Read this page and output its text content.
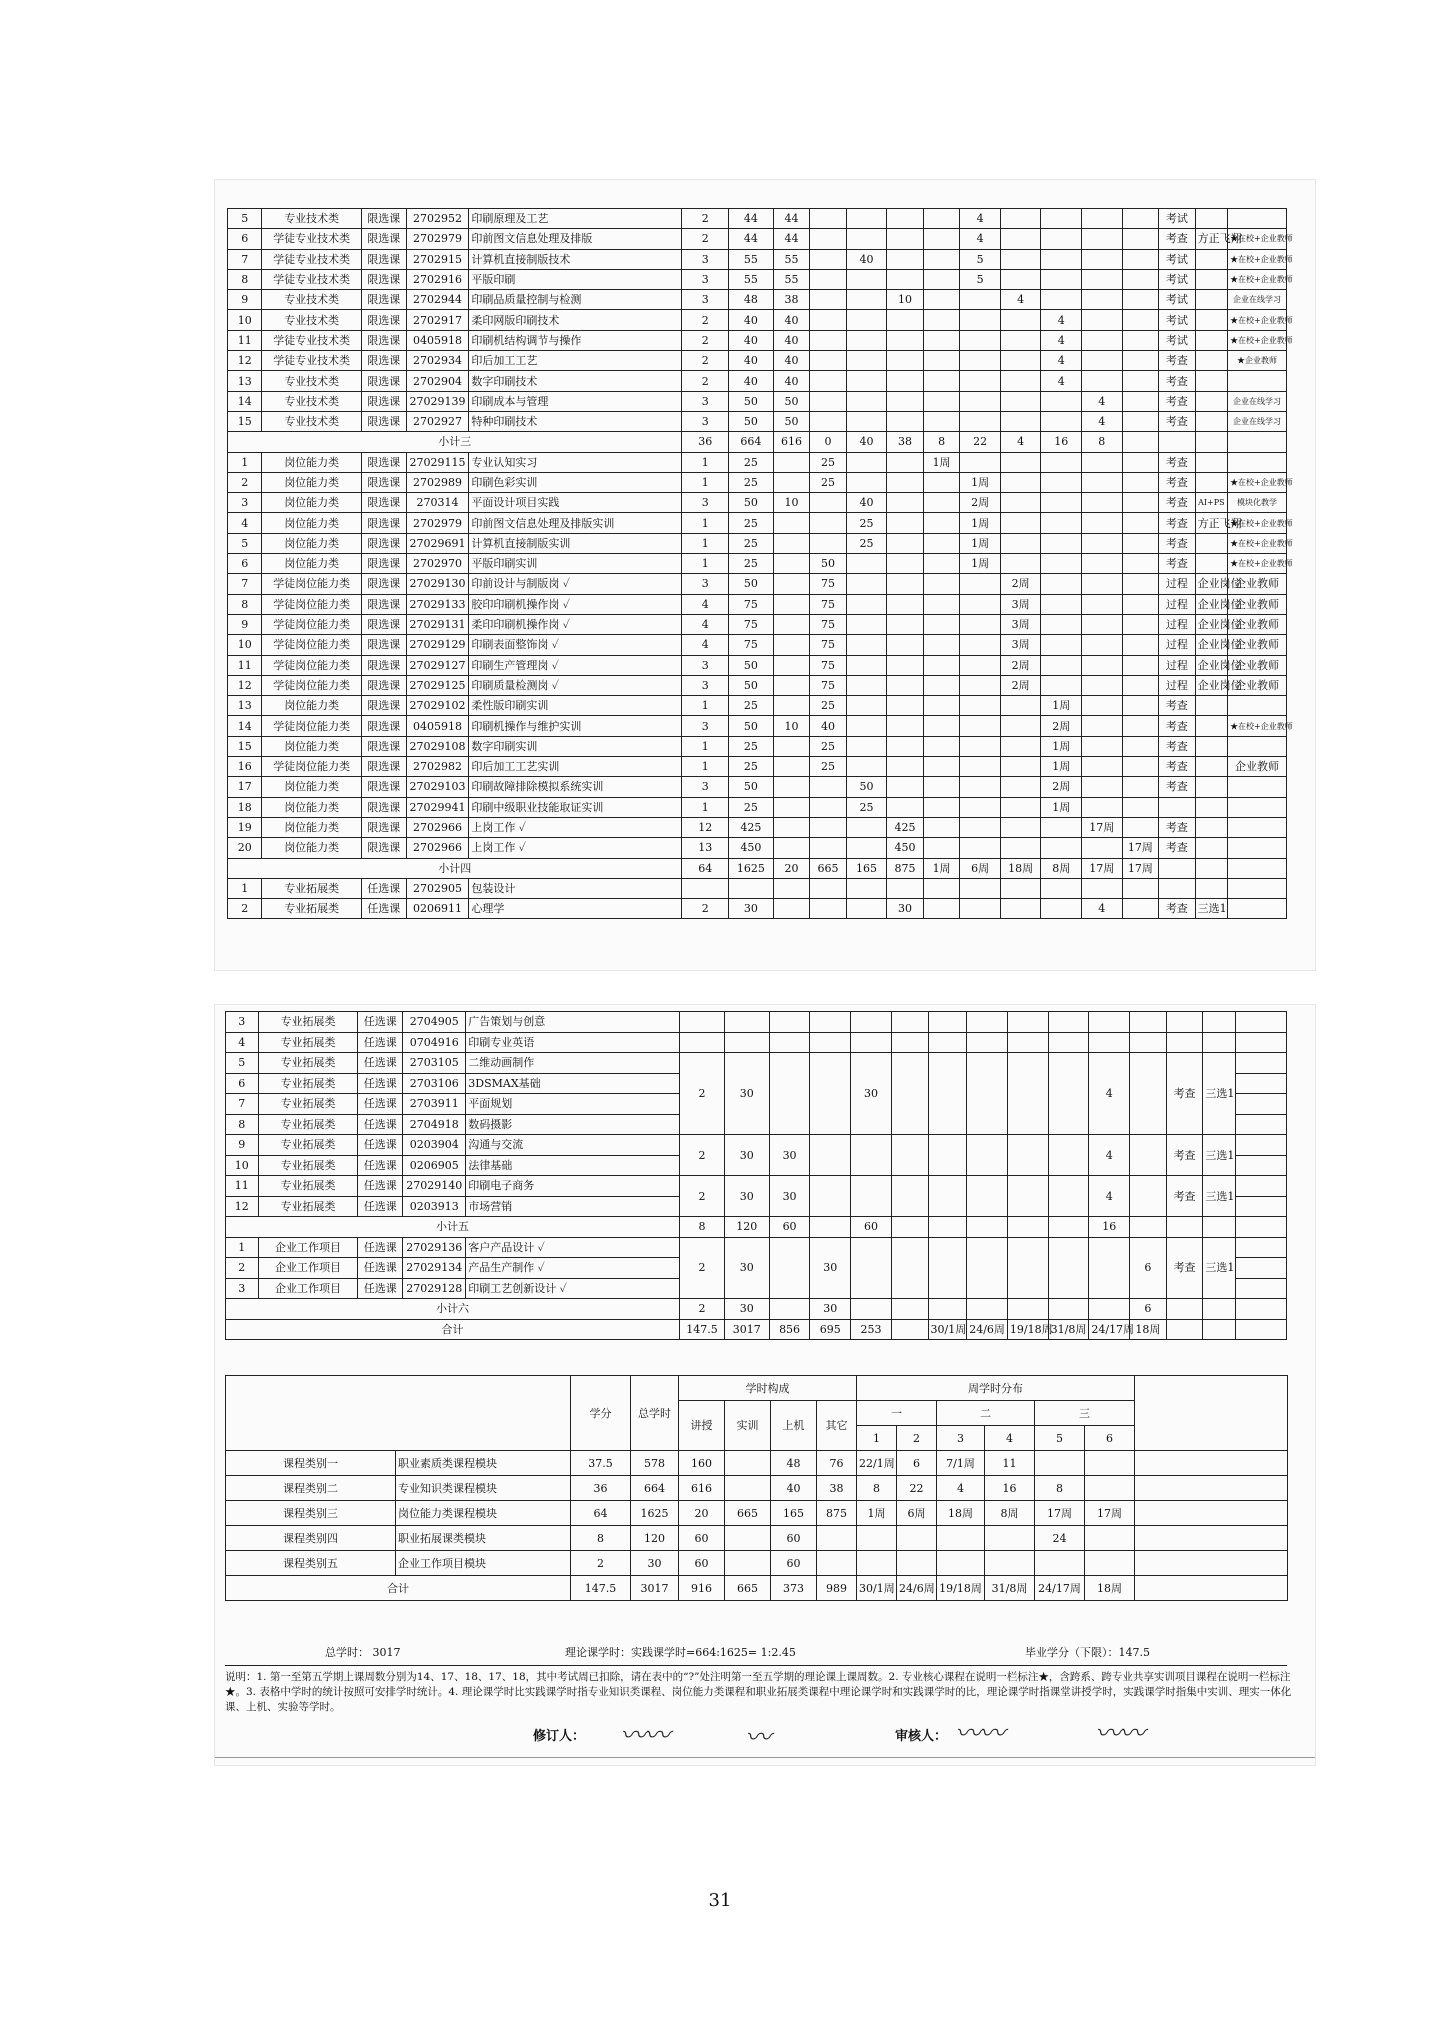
5	专业技术类	限选课	2702952	印刷原理及工艺	2	44	44					4					考试		
6	学徒专业技术类	限选课	2702979	印前图文信息处理及排版	2	44	44					4					考查	方正飞翔	★在校+企业教师
7	学徒专业技术类	限选课	2702915	计算机直接制版技术	3	55	55		40			5					考试		★在校+企业教师
8	学徒专业技术类	限选课	2702916	平版印刷	3	55	55					5					考试		★在校+企业教师
9	专业技术类	限选课	2702944	印刷品质量控制与检测	3	48	38			10			4				考试		企业在线学习
10	专业技术类	限选课	2702917	柔印网版印刷技术	2	40	40							4			考试		★在校+企业教师
11	学徒专业技术类	限选课	0405918	印刷机结构调节与操作	2	40	40							4			考试		★在校+企业教师
12	学徒专业技术类	限选课	2702934	印后加工工艺	2	40	40							4			考查		★企业教师
13	专业技术类	限选课	2702904	数字印刷技术	2	40	40							4			考查		
14	专业技术类	限选课	27029139	印刷成本与管理	3	50	50								4		考查		企业在线学习
15	专业技术类	限选课	2702927	特种印刷技术	3	50	50								4		考查		企业在线学习
小计三					36	664	616	0	40	38	8	22	4	16	8				
1	岗位能力类	限选课	27029115	专业认知实习	1	25		25			1周						考查		
2	岗位能力类	限选课	2702989	印刷色彩实训	1	25		25				1周					考查		★在校+企业教师
3	岗位能力类	限选课	270314	平面设计项目实践	3	50	10		40			2周					考查	AI+PS	模块化教学
4	岗位能力类	限选课	2702979	印前图文信息处理及排版实训	1	25			25			1周					考查	方正飞翔	★在校+企业教师
5	岗位能力类	限选课	27029691	计算机直接制版实训	1	25			25			1周					考查		★在校+企业教师
6	岗位能力类	限选课	2702970	平版印刷实训	1	25		50				1周					考查		★在校+企业教师
7	学徒岗位能力类	限选课	27029130	印前设计与制版岗 ✓	3	50		75					2周				过程	企业岗位	企业教师
8	学徒岗位能力类	限选课	27029133	胶印印刷机操作岗 ✓	4	75		75					3周				过程	企业岗位	企业教师
9	学徒岗位能力类	限选课	27029131	柔印印刷机操作岗 ✓	4	75		75					3周				过程	企业岗位	企业教师
10	学徒岗位能力类	限选课	27029129	印刷表面整饰岗 ✓	4	75		75					3周				过程	企业岗位	企业教师
11	学徒岗位能力类	限选课	27029127	印刷生产管理岗 ✓	3	50		75					2周				过程	企业岗位	企业教师
12	学徒岗位能力类	限选课	27029125	印刷质量检测岗 ✓	3	50		75					2周				过程	企业岗位	企业教师
13	岗位能力类	限选课	27029102	柔性版印刷实训	1	25		25						1周			考查		
14	学徒岗位能力类	限选课	0405918	印刷机操作与维护实训	3	50	10	40						2周			考查		★在校+企业教师
15	岗位能力类	限选课	27029108	数字印刷实训	1	25		25						1周			考查		
16	学徒岗位能力类	限选课	2702982	印后加工工艺实训	1	25		25						1周			考查		企业教师
17	岗位能力类	限选课	27029103	印刷故障排除模拟系统实训	3	50			50					2周			考查		
18	岗位能力类	限选课	27029941	印刷中级职业技能取证实训	1	25			25					1周					
19	岗位能力类	限选课	2702966	上岗工作 ✓	12	425				425					17周		考查		
20	岗位能力类	限选课	2702966	上岗工作 ✓	13	450				450						17周	考查		
小计四					64	1625	20	665	165	875	1周	6周	18周	8周	17周	17周			
1	专业拓展类	任选课	2702905	包装设计															
2	专业拓展类	任选课	0206911	心理学	2	30				30					4		考查	三选1	
3	专业拓展类	任选课	2704905	广告策划与创意															
4	专业拓展类	任选课	0704916	印刷专业英语															
5	专业拓展类	任选课	2703105	二维动画制作	2	30			30						4		考查	三选1	
6	专业拓展类	任选课	2703106	3DSMAX基础															
7	专业拓展类	任选课	2703911	平面规划															
8	专业拓展类	任选课	2704918	数码摄影															
9	专业拓展类	任选课	0203904	沟通与交流	2	30	30								4		考查	三选1	
10	专业拓展类	任选课	0206905	法律基础															
11	专业拓展类	任选课	27029140	印刷电子商务	2	30	30								4		考查	三选1	
12	专业拓展类	任选课	0203913	市场营销															
小计五					8	120	60		60						16				
1	企业工作项目	任选课	27029136	客户产品设计 ✓	2	30		30								6	考查	三选1	
2	企业工作项目	任选课	27029134	产品生产制作 ✓															
3	企业工作项目	任选课	27029128	印刷工艺创新设计 ✓															
小计六					2	30		30								6			
合计					147.5	3017	856	695	253		30/1周	24/6周	19/18周	31/8周	24/17周	18周			
		学分	总学时	学时构成				周学时分布						
				讲授	实训	上机	其它	一		二		三		
								1	2	3	4	5	6	
课程类别一	职业素质类课程模块	37.5	578	160		48	76	22/1周	6	7/1周	11			
课程类别二	专业知识类课程模块	36	664	616		40	38	8	22	4	16	8		
课程类别三	岗位能力类课程模块	64	1625	20	665	165	875	1周	6周	18周	8周	17周	17周	
课程类别四	职业拓展课类模块	8	120	60		60						24		
课程类别五	企业工作项目模块	2	30	60		60								
合计		147.5	3017	916	665	373	989	30/1周	24/6周	19/18周	31/8周	24/17周	18周	
总学时： 3017	理论课学时：实践课学时=664:1625= 1:2.45	毕业学分（下限）：147.5
说明：1. 第一至第五学期上课周数分别为14、17、18、17、18，其中考试周已扣除，请在表中的“?”处注明第一至五学期的理论课上课周数。2. 专业核心课程在说明一栏标注★，含跨系、跨专业共享实训项目课程在说明一栏标注★。3. 表格中学时的统计按照可安排学时统计。4. 理论课学时比实践课学时指专业知识类课程、岗位能力类课程和职业拓展类课程中理论课学时和实践课学时的比，理论课学时指课堂讲授学时，实践课学时指集中实训、理实一体化课、上机、实验等学时。
修订人： 〰〰	〰	审核人： 〰〰	〰〰
31
